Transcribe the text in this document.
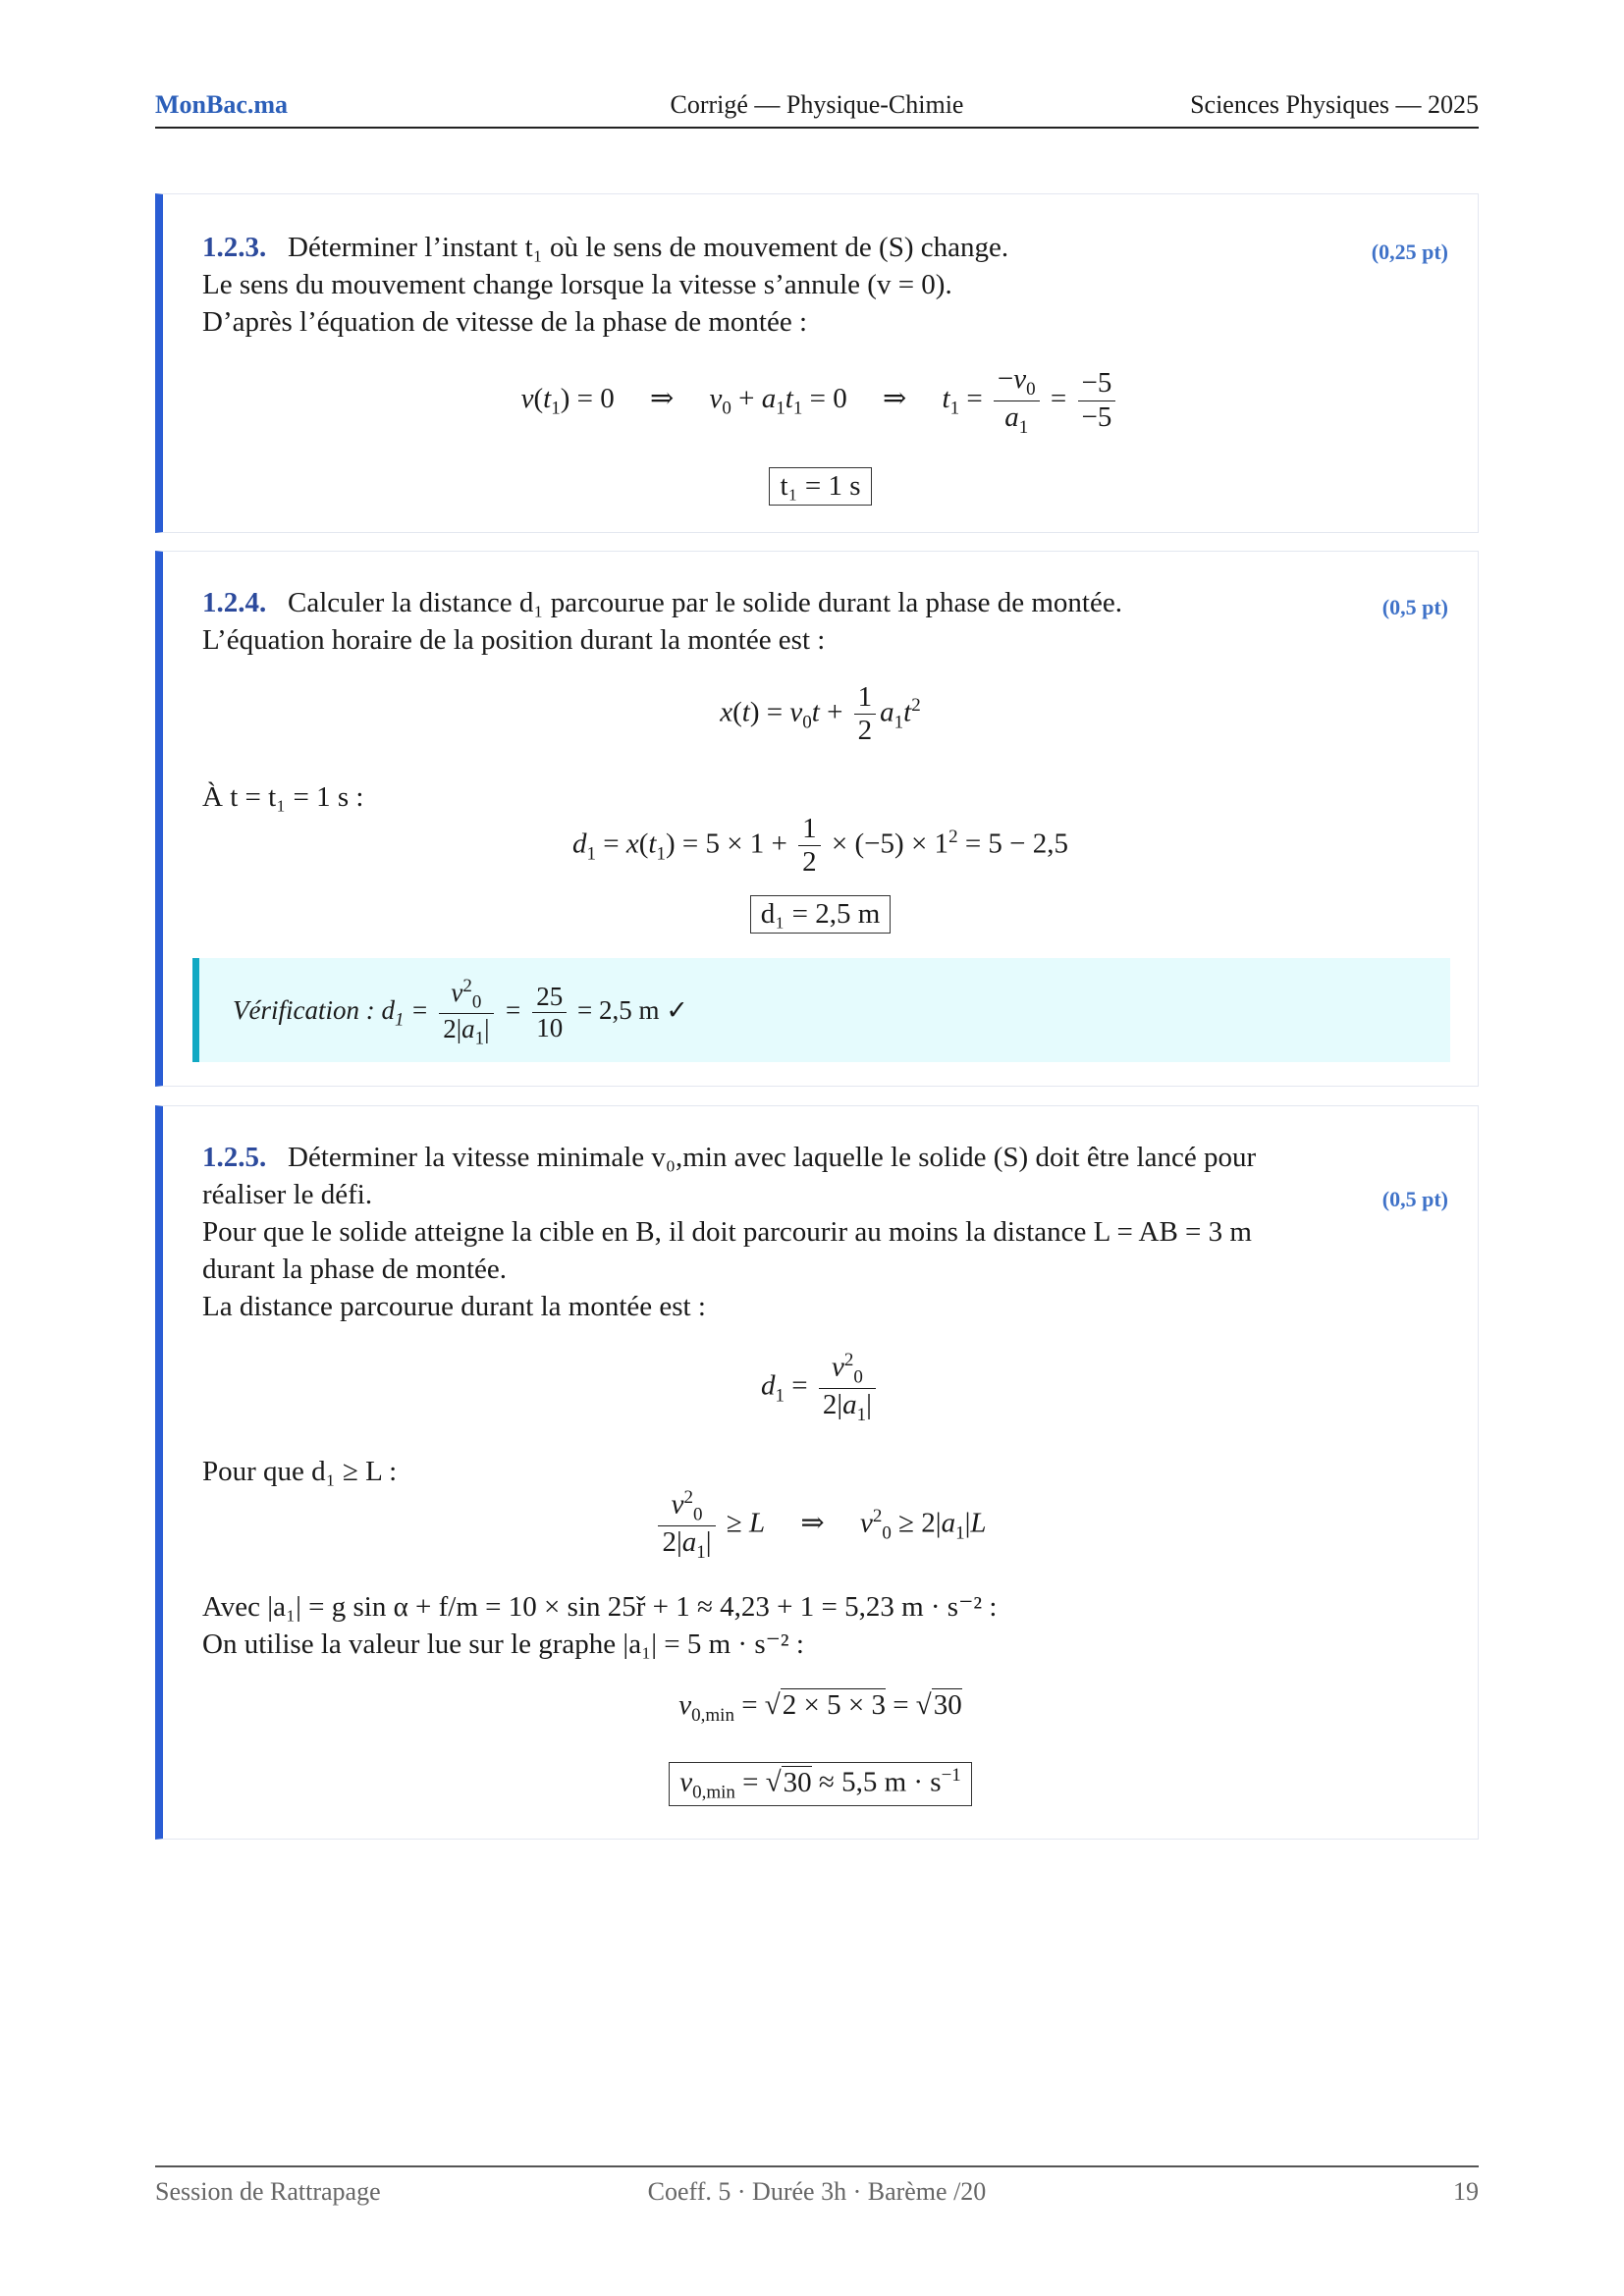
MonBac.ma	Corrigé — Physique-Chimie	Sciences Physiques — 2025
1.2.3. Déterminer l’instant t₁ où le sens de mouvement de (S) change.	(0,25 pt)
Le sens du mouvement change lorsque la vitesse s’annule (v = 0).
D’après l’équation de vitesse de la phase de montée :
$v(t_1) = 0$     ⇒     $v_0 + a_1t_1 = 0$     ⇒     $t_1 = \frac{-v_0}{a_1} = \frac{-5}{-5}$
t₁ = 1 s
1.2.4. Calculer la distance d₁ parcourue par le solide durant la phase de montée.	(0,5 pt)
L’équation horaire de la position durant la montée est :
$x(t) = v_0t + \frac{1}{2} a_1t^2$
À t = t₁ = 1 s :
$d_1 = x(t_1) = 5 \times 1 + \frac{1}{2} \times (-5) \times 1^2 = 5 - 2,5$
d₁ = 2,5 m
Vérification : $d_1 = \frac{v^2_0}{2|a_1|} = \frac{25}{10} = 2,5$ m ✓
1.2.5. Déterminer la vitesse minimale v₀,min avec laquelle le solide (S) doit être lancé pour
réaliser le défi.	(0,5 pt)
Pour que le solide atteigne la cible en B, il doit parcourir au moins la distance L = AB = 3 m
durant la phase de montée.
La distance parcourue durant la montée est :
$d_1 = \frac{v^2_0}{2|a_1|}$
Pour que d₁ ≥ L :
$\frac{v^2_0}{2|a_1|} \ge L$     ⇒     $v^2_0 \ge 2|a_1|L$
Avec |a₁| = g sin α + f/m = 10 × sin 25ř + 1 ≈ 4,23 + 1 = 5,23 m · s⁻² :
On utilise la valeur lue sur le graphe |a₁| = 5 m · s⁻² :
$v_{0,min} = √2 \times 5 \times 3 = √30$
$v_{0,min} = √30 \approx 5,5$ $m \cdot s^{-1}$
Session de Rattrapage	Coeff. 5 · Durée 3h · Barème /20	19
